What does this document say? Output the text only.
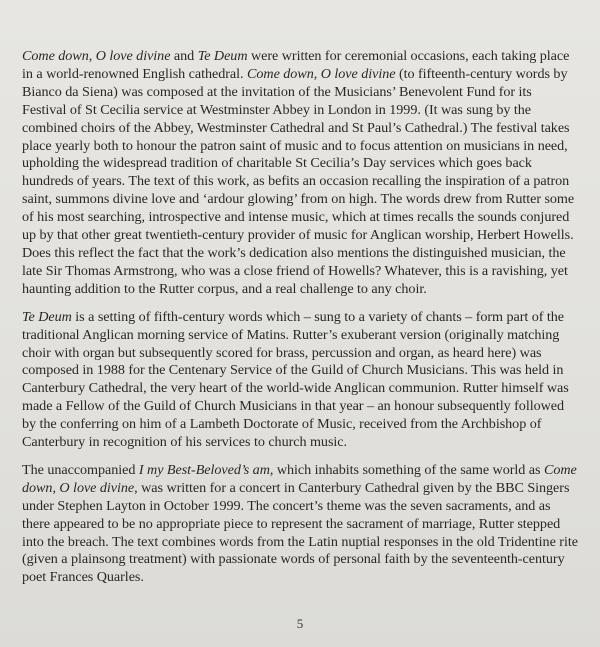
Come down, O love divine and Te Deum were written for ceremonial occasions, each taking place in a world-renowned English cathedral. Come down, O love divine (to fifteenth-century words by Bianco da Siena) was composed at the invitation of the Musicians’ Benevolent Fund for its Festival of St Cecilia service at Westminster Abbey in London in 1999. (It was sung by the combined choirs of the Abbey, Westminster Cathedral and St Paul’s Cathedral.) The festival takes place yearly both to honour the patron saint of music and to focus attention on musicians in need, upholding the widespread tradition of charitable St Cecilia’s Day services which goes back hundreds of years. The text of this work, as befits an occasion recalling the inspiration of a patron saint, summons divine love and ‘ardour glowing’ from on high. The words drew from Rutter some of his most searching, introspective and intense music, which at times recalls the sounds conjured up by that other great twentieth-century provider of music for Anglican worship, Herbert Howells. Does this reflect the fact that the work’s dedication also mentions the distinguished musician, the late Sir Thomas Armstrong, who was a close friend of Howells? Whatever, this is a ravishing, yet haunting addition to the Rutter corpus, and a real challenge to any choir.

Te Deum is a setting of fifth-century words which – sung to a variety of chants – form part of the traditional Anglican morning service of Matins. Rutter’s exuberant version (originally matching choir with organ but subsequently scored for brass, percussion and organ, as heard here) was composed in 1988 for the Centenary Service of the Guild of Church Musicians. This was held in Canterbury Cathedral, the very heart of the world-wide Anglican communion. Rutter himself was made a Fellow of the Guild of Church Musicians in that year – an honour subsequently followed by the conferring on him of a Lambeth Doctorate of Music, received from the Archbishop of Canterbury in recognition of his services to church music.

The unaccompanied I my Best-Beloved’s am, which inhabits something of the same world as Come down, O love divine, was written for a concert in Canterbury Cathedral given by the BBC Singers under Stephen Layton in October 1999. The concert’s theme was the seven sacraments, and as there appeared to be no appropriate piece to represent the sacrament of marriage, Rutter stepped into the breach. The text combines words from the Latin nuptial responses in the old Tridentine rite (given a plainsong treatment) with passionate words of personal faith by the seventeenth-century poet Frances Quarles.

5
